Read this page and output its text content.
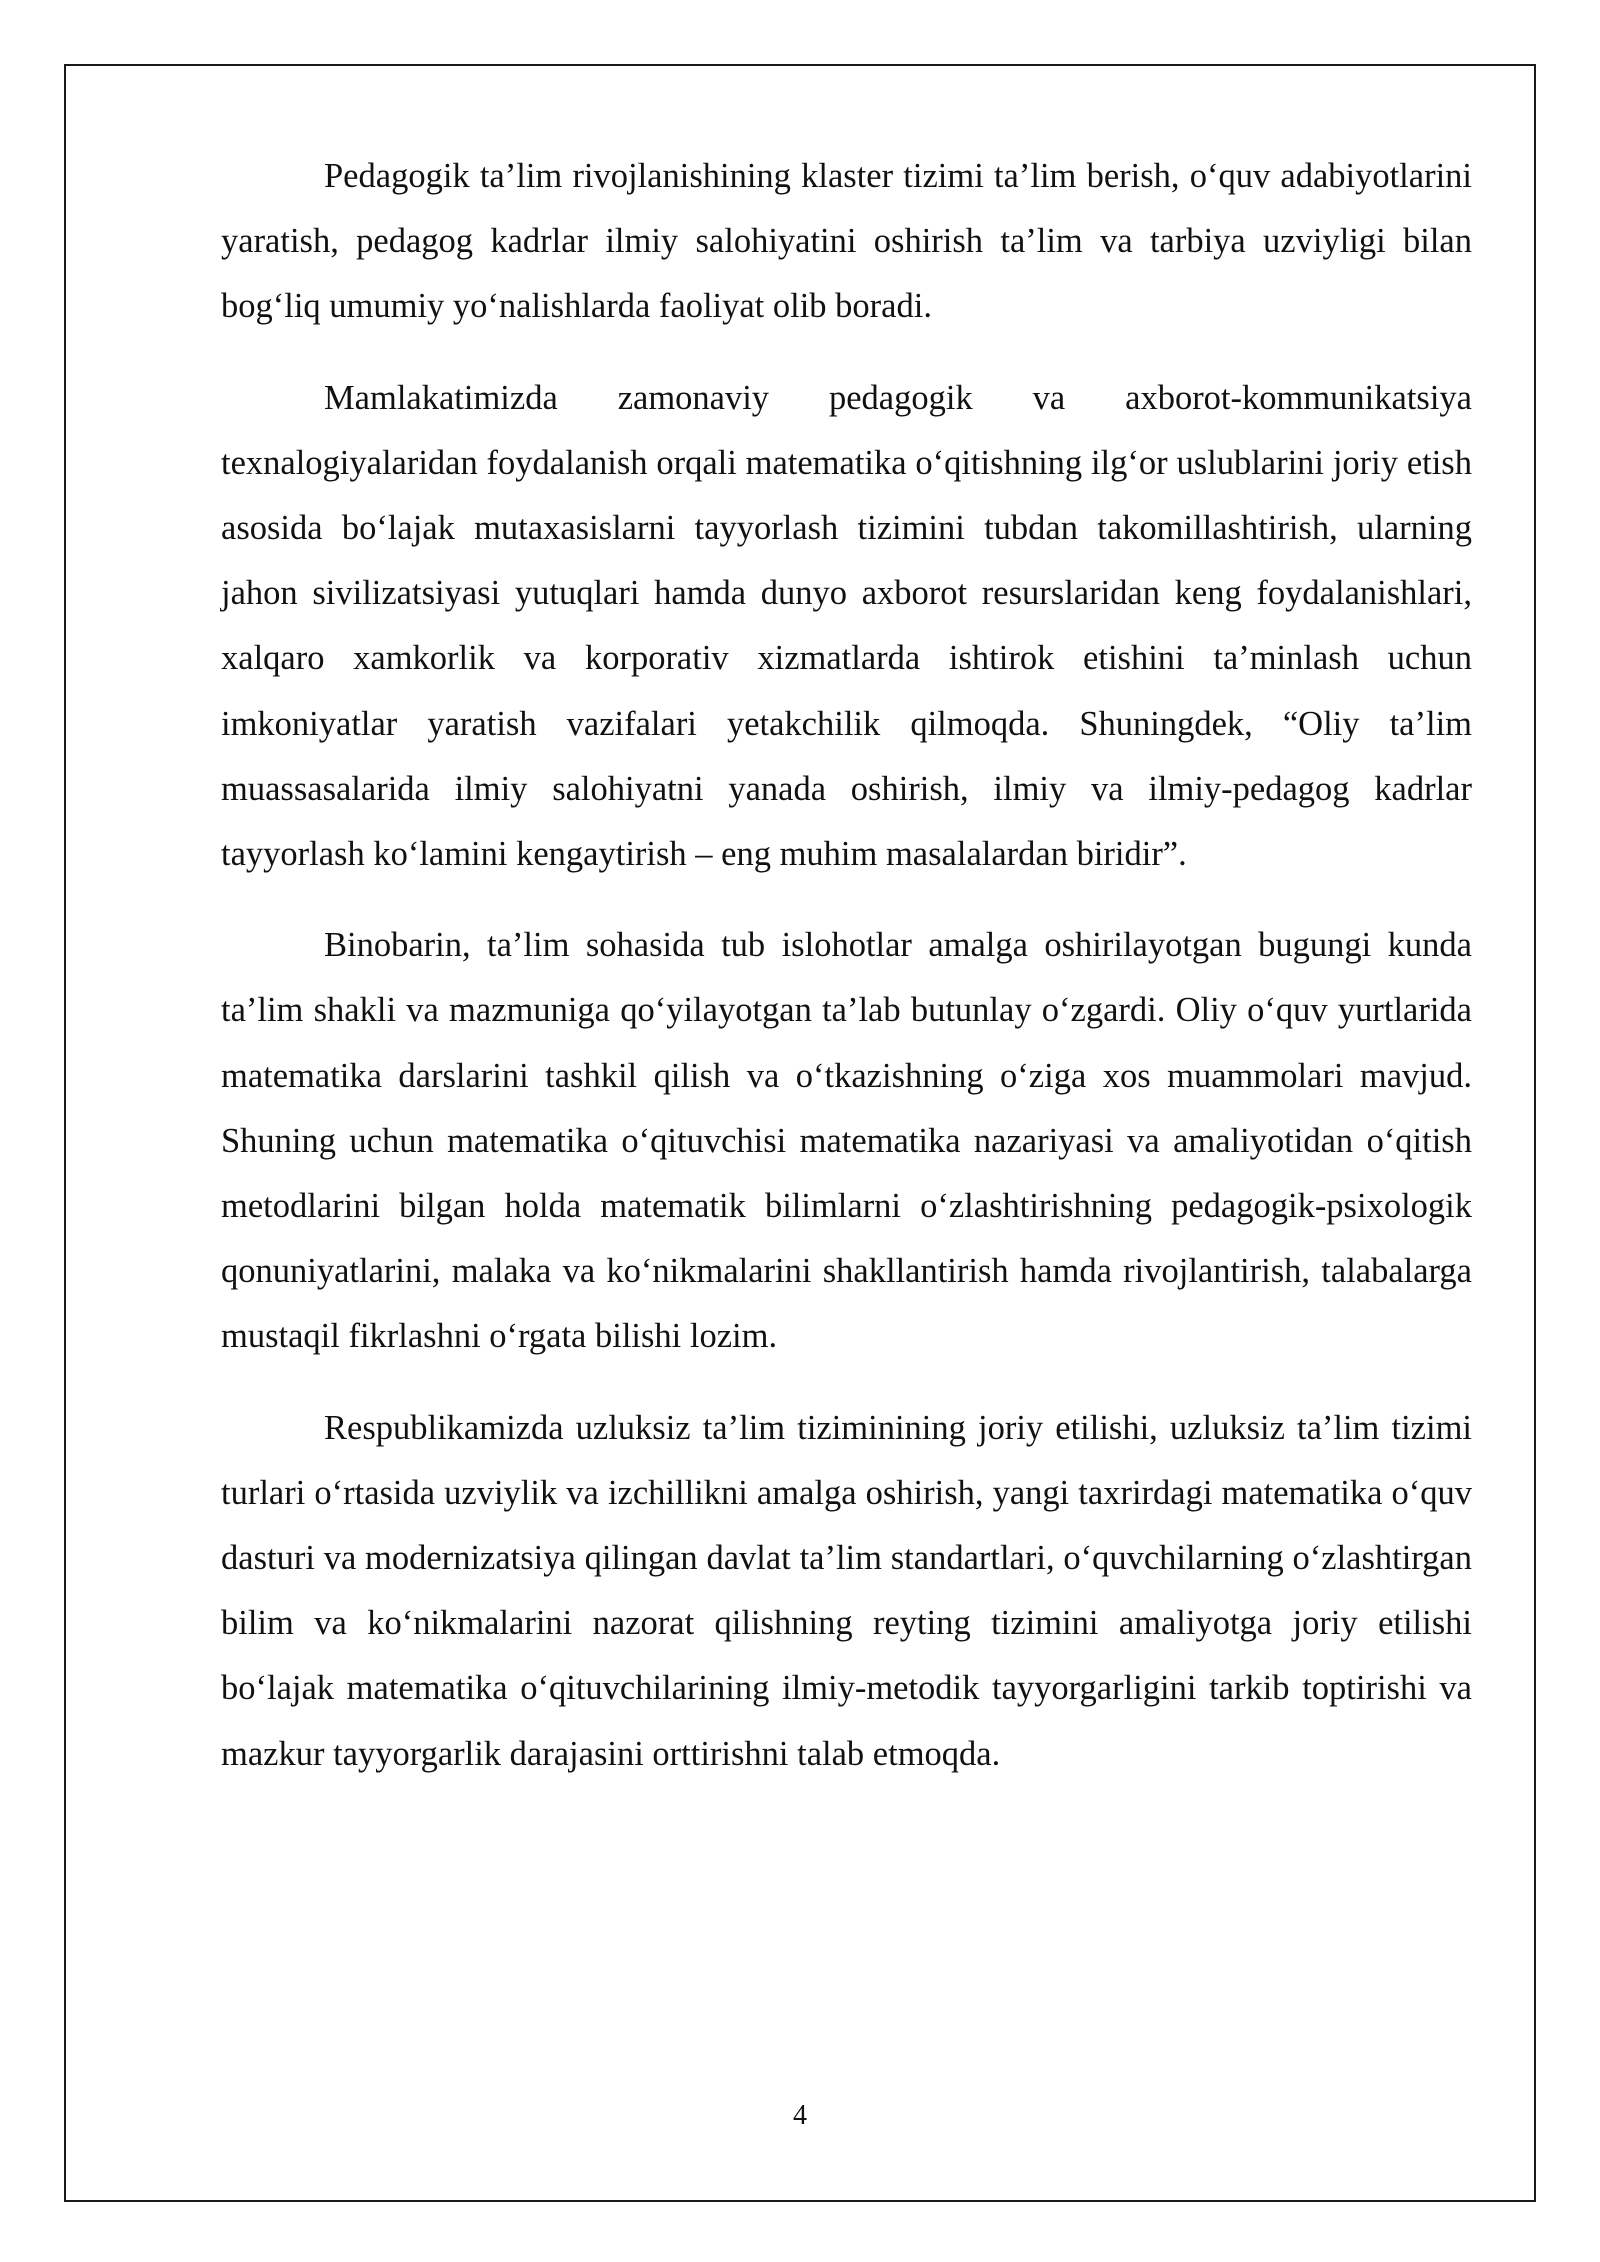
Pedagogik ta’lim rivojlanishining klaster tizimi ta’lim berish, o‘quv adabiyotlarini yaratish, pedagog kadrlar ilmiy salohiyatini oshirish ta’lim va tarbiya uzviyligi bilan bog‘liq umumiy yo‘nalishlarda faoliyat olib boradi.

Mamlakatimizda zamonaviy pedagogik va axborot-kommunikatsiya texnalogiyalaridan foydalanish orqali matematika o‘qitishning ilg‘or uslublarini joriy etish asosida bo‘lajak mutaxasislarni tayyorlash tizimini tubdan takomillashtirish, ularning jahon sivilizatsiyasi yutuqlari hamda dunyo axborot resurslaridan keng foydalanishlari, xalqaro xamkorlik va korporativ xizmatlarda ishtirok etishini ta’minlash uchun imkoniyatlar yaratish vazifalari yetakchilik qilmoqda. Shuningdek, “Oliy ta’lim muassasalarida ilmiy salohiyatni yanada oshirish, ilmiy va ilmiy-pedagog kadrlar tayyorlash ko‘lamini kengaytirish – eng muhim masalalardan biridir”.

Binobarin, ta’lim sohasida tub islohotlar amalga oshirilayotgan bugungi kunda ta’lim shakli va mazmuniga qo‘yilayotgan ta’lab butunlay o‘zgardi. Oliy o‘quv yurtlarida matematika darslarini tashkil qilish va o‘tkazishning o‘ziga xos muammolari mavjud. Shuning uchun matematika o‘qituvchisi matematika nazariyasi va amaliyotidan o‘qitish metodlarini bilgan holda matematik bilimlarni o‘zlashtirishning pedagogik-psixologik qonuniyatlarini, malaka va ko‘nikmalarini shakllantirish hamda rivojlantirish, talabalarga mustaqil fikrlashni o‘rgata bilishi lozim.

Respublikamizda uzluksiz ta’lim tiziminining joriy etilishi, uzluksiz ta’lim tizimi turlari o‘rtasida uzviylik va izchillikni amalga oshirish, yangi taxrirdagi matematika o‘quv dasturi va modernizatsiya qilingan davlat ta’lim standartlari, o‘quvchilarning o‘zlashtirgan bilim va ko‘nikmalarini nazorat qilishning reyting tizimini amaliyotga joriy etilishi bo‘lajak matematika o‘qituvchilarining ilmiy-metodik tayyorgarligini tarkib toptirishi va mazkur tayyorgarlik darajasini orttirishni talab etmoqda.

4
